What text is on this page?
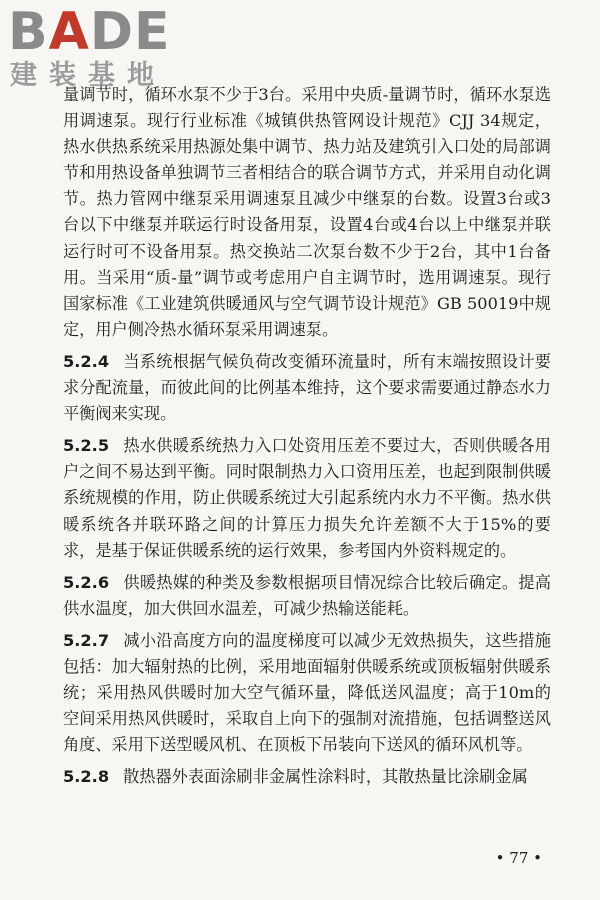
BADE
建装基地

量调节时，循环水泵不少于3台。采用中央质-量调节时，循环水泵选用调速泵。现行行业标准《城镇供热管网设计规范》CJJ 34规定，热水供热系统采用热源处集中调节、热力站及建筑引入口处的局部调节和用热设备单独调节三者相结合的联合调节方式，并采用自动化调节。热力管网中继泵采用调速泵且减少中继泵的台数。设置3台或3台以下中继泵并联运行时设备用泵，设置4台或4台以上中继泵并联运行时可不设备用泵。热交换站二次泵台数不少于2台，其中1台备用。当采用“质-量”调节或考虑用户自主调节时，选用调速泵。现行国家标准《工业建筑供暖通风与空气调节设计规范》GB 50019中规定，用户侧冷热水循环泵采用调速泵。

5.2.4 当系统根据气候负荷改变循环流量时，所有末端按照设计要求分配流量，而彼此间的比例基本维持，这个要求需要通过静态水力平衡阀来实现。

5.2.5 热水供暖系统热力入口处资用压差不要过大，否则供暖各用户之间不易达到平衡。同时限制热力入口资用压差，也起到限制供暖系统规模的作用，防止供暖系统过大引起系统内水力不平衡。热水供暖系统各并联环路之间的计算压力损失允许差额不大于15%的要求，是基于保证供暖系统的运行效果，参考国内外资料规定的。

5.2.6 供暖热媒的种类及参数根据项目情况综合比较后确定。提高供水温度，加大供回水温差，可减少热输送能耗。

5.2.7 减小沿高度方向的温度梯度可以减少无效热损失，这些措施包括：加大辐射热的比例，采用地面辐射供暖系统或顶板辐射供暖系统；采用热风供暖时加大空气循环量，降低送风温度；高于10m的空间采用热风供暖时，采取自上向下的强制对流措施，包括调整送风角度、采用下送型暖风机、在顶板下吊装向下送风的循环风机等。

5.2.8 散热器外表面涂刷非金属性涂料时，其散热量比涂刷金属

• 77 •
